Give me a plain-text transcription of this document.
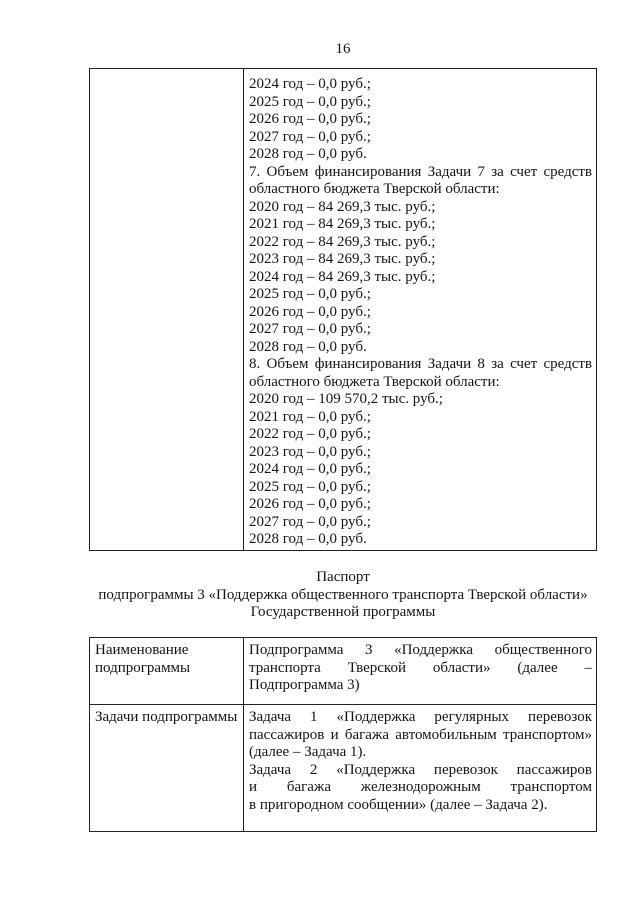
16
2024 год – 0,0 руб.;
2025 год – 0,0 руб.;
2026 год – 0,0 руб.;
2027 год – 0,0 руб.;
2028 год – 0,0 руб.
7. Объем финансирования Задачи 7 за счет средств
областного бюджета Тверской области:
2020 год – 84 269,3 тыс. руб.;
2021 год – 84 269,3 тыс. руб.;
2022 год – 84 269,3 тыс. руб.;
2023 год – 84 269,3 тыс. руб.;
2024 год – 84 269,3 тыс. руб.;
2025 год – 0,0 руб.;
2026 год – 0,0 руб.;
2027 год – 0,0 руб.;
2028 год – 0,0 руб.
8. Объем финансирования Задачи 8 за счет средств
областного бюджета Тверской области:
2020 год – 109 570,2 тыс. руб.;
2021 год – 0,0 руб.;
2022 год – 0,0 руб.;
2023 год – 0,0 руб.;
2024 год – 0,0 руб.;
2025 год – 0,0 руб.;
2026 год – 0,0 руб.;
2027 год – 0,0 руб.;
2028 год – 0,0 руб.
Паспорт
подпрограммы 3 «Поддержка общественного транспорта Тверской области»
Государственной программы
Наименование
подпрограммы
Подпрограмма 3 «Поддержка общественного
транспорта Тверской области» (далее –
Подпрограмма 3)
Задачи подпрограммы Задача 1 «Поддержка регулярных перевозок
пассажиров и багажа автомобильным транспортом»
(далее – Задача 1).
Задача 2 «Поддержка перевозок пассажиров
и багажа железнодорожным транспортом
в пригородном сообщении» (далее – Задача 2).
